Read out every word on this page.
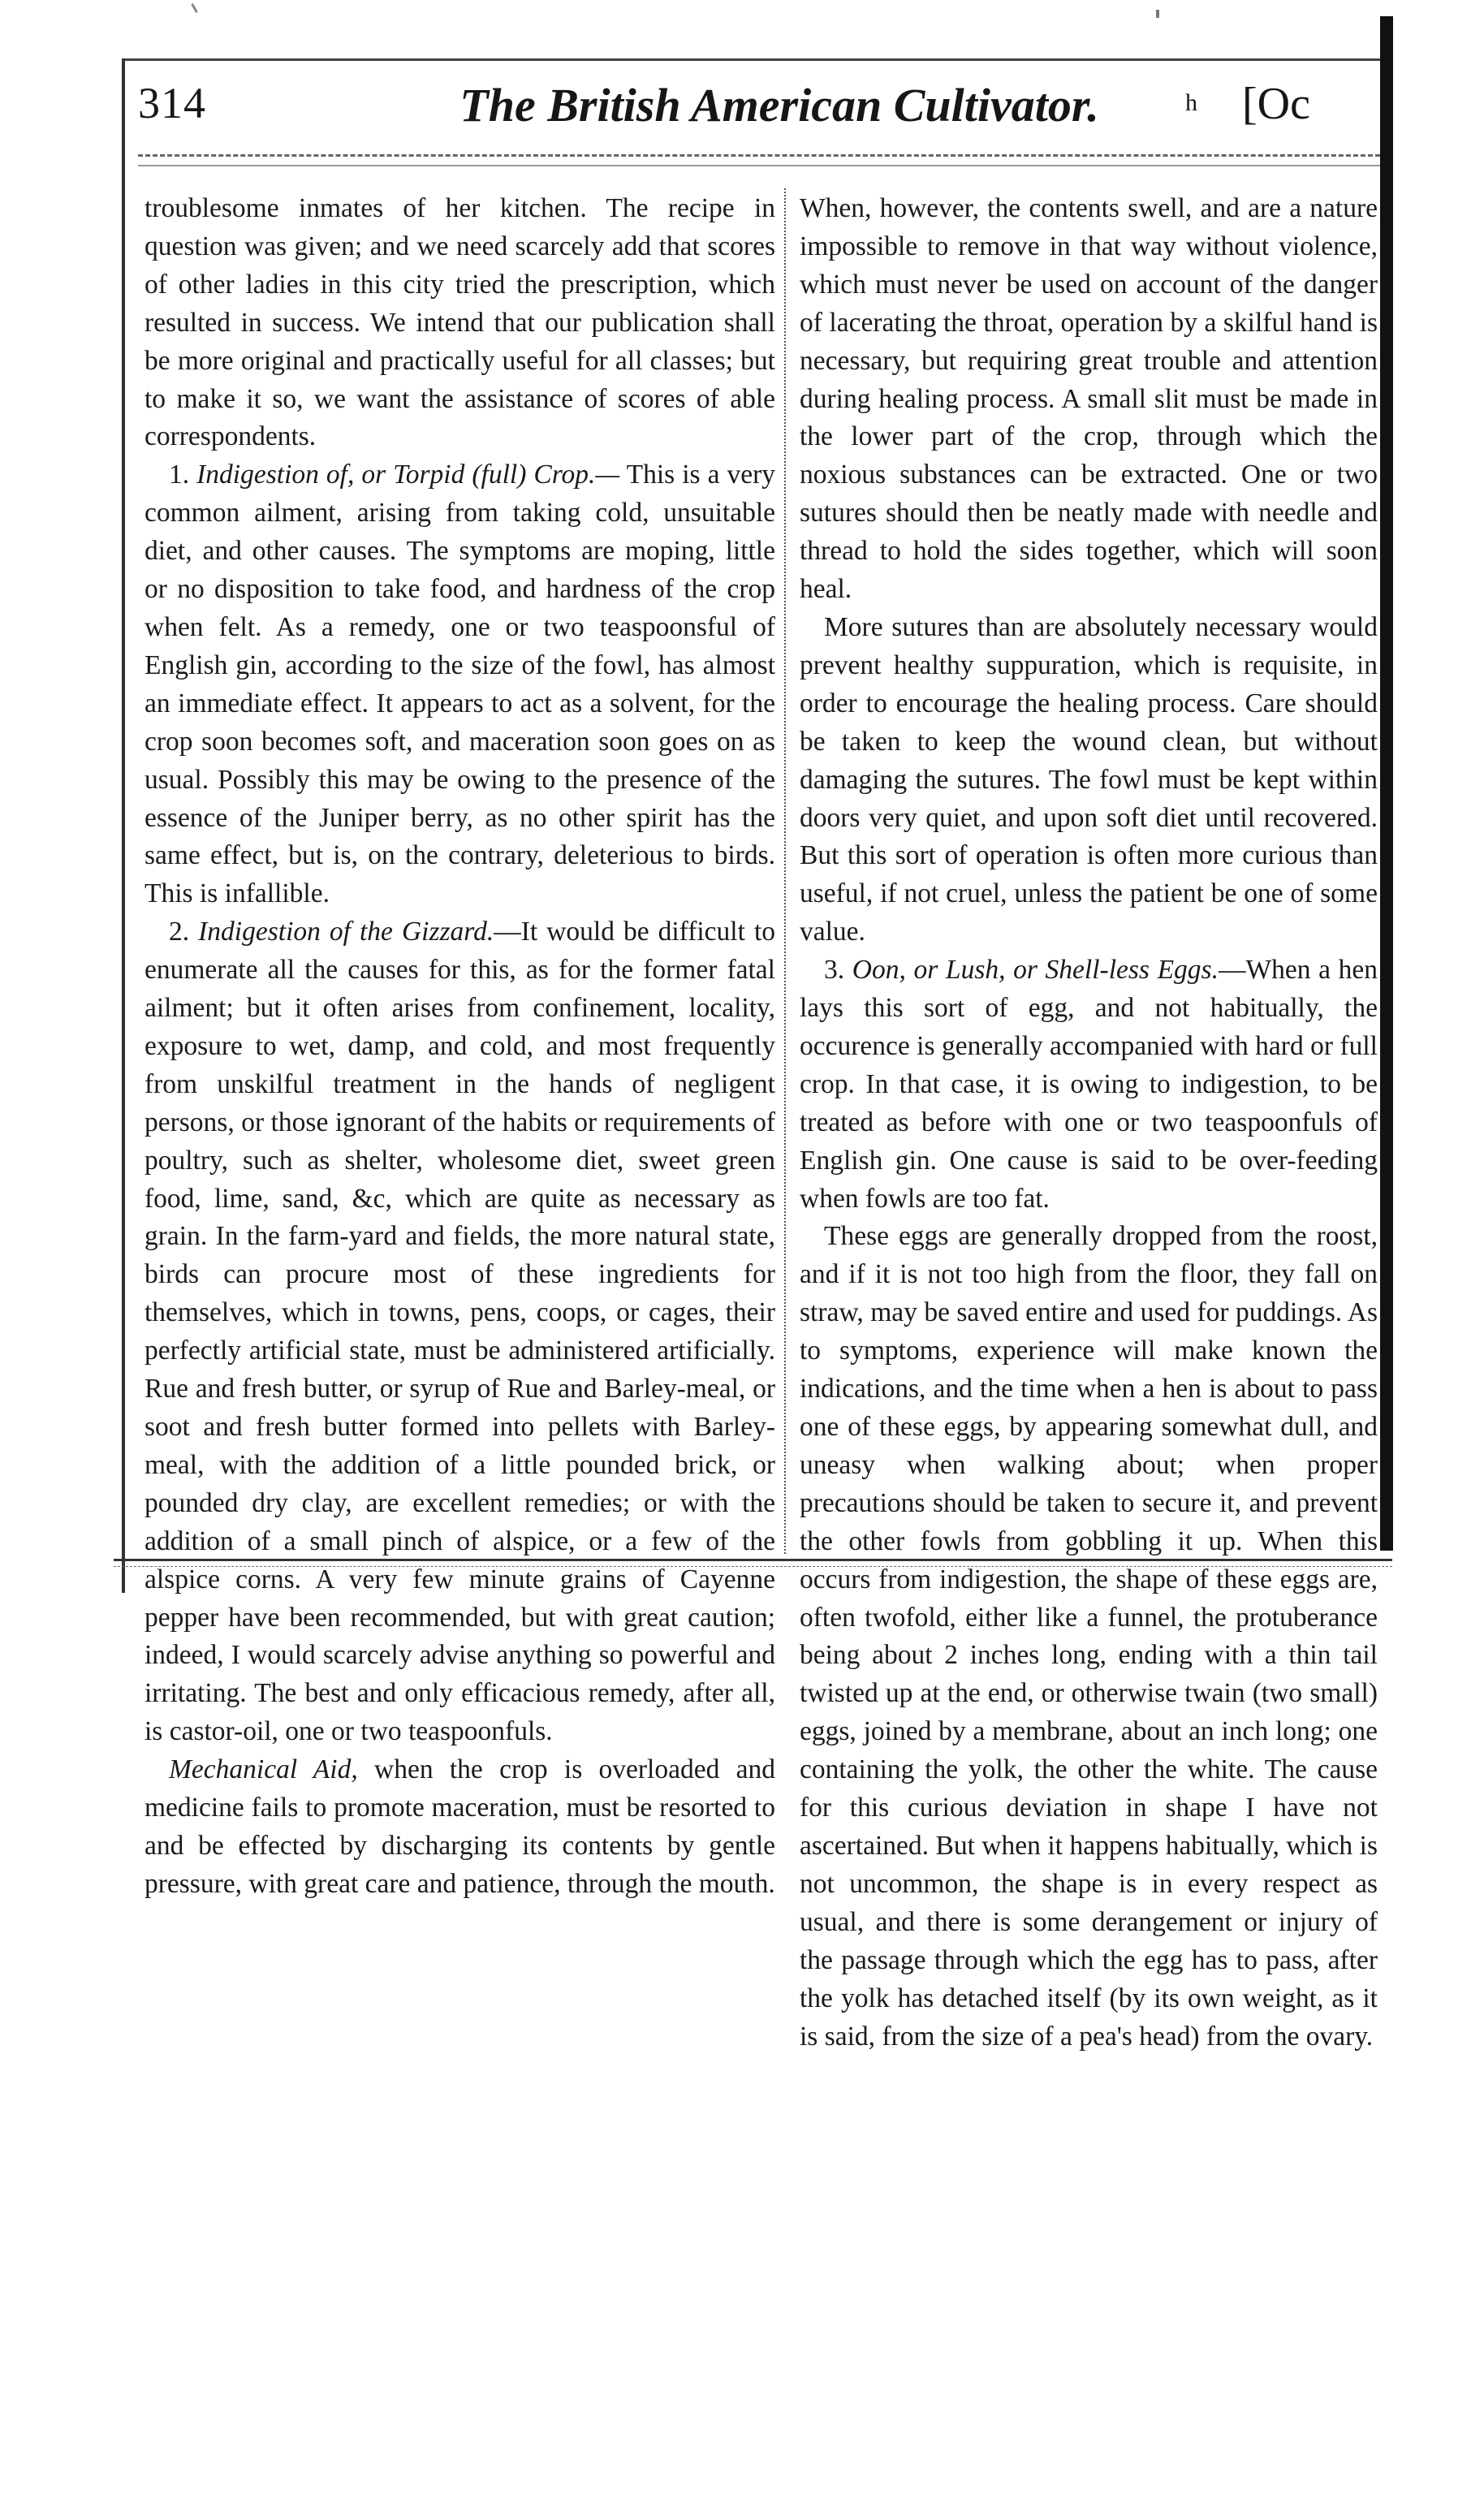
314	The British American Cultivator.	h [Oc

troublesome inmates of her kitchen. The recipe in question was given; and we need scarcely add that scores of other ladies in this city tried the prescription, which resulted in success. We intend that our publication shall be more original and practically useful for all classes; but to make it so, we want the assistance of scores of able correspondents.

1. Indigestion of, or Torpid (full) Crop.— This is a very common ailment, arising from taking cold, unsuitable diet, and other causes. The symptoms are moping, little or no disposition to take food, and hardness of the crop when felt. As a remedy, one or two teaspoonsful of English gin, according to the size of the fowl, has almost an immediate effect. It appears to act as a solvent, for the crop soon becomes soft, and maceration soon goes on as usual. Possibly this may be owing to the presence of the essence of the Juniper berry, as no other spirit has the same effect, but is, on the contrary, deleterious to birds. This is infallible.

2. Indigestion of the Gizzard.—It would be difficult to enumerate all the causes for this, as for the former fatal ailment; but it often arises from confinement, locality, exposure to wet, damp, and cold, and most frequently from unskilful treatment in the hands of negligent persons, or those ignorant of the habits or requirements of poultry, such as shelter, wholesome diet, sweet green food, lime, sand, &c, which are quite as necessary as grain. In the farm-yard and fields, the more natural state, birds can procure most of these ingredients for themselves, which in towns, pens, coops, or cages, their perfectly artificial state, must be administered artificially. Rue and fresh butter, or syrup of Rue and Barley-meal, or soot and fresh butter formed into pellets with Barley-meal, with the addition of a little pounded brick, or pounded dry clay, are excellent remedies; or with the addition of a small pinch of alspice, or a few of the alspice corns. A very few minute grains of Cayenne pepper have been recommended, but with great caution; indeed, I would scarcely advise anything so powerful and irritating. The best and only efficacious remedy, after all, is castor-oil, one or two teaspoonfuls.

Mechanical Aid, when the crop is overloaded and medicine fails to promote maceration, must be resorted to and be effected by discharging its contents by gentle pressure, with great care and patience, through the mouth.

When, however, the contents swell, and are a nature impossible to remove in that way without violence, which must never be used on account of the danger of lacerating the throat, operation by a skilful hand is necessary, but requiring great trouble and attention during healing process. A small slit must be made in the lower part of the crop, through which the noxious substances can be extracted. One or two sutures should then be neatly made with needle and thread to hold the sides together, which will soon heal.

More sutures than are absolutely necessary would prevent healthy suppuration, which is requisite, in order to encourage the healing process. Care should be taken to keep the wound clean, but without damaging the sutures. The fowl must be kept within doors very quiet, and upon soft diet until recovered. But this sort of operation is often more curious than useful, if not cruel, unless the patient be one of some value.

3. Oon, or Lush, or Shell-less Eggs.—When a hen lays this sort of egg, and not habitually, the occurence is generally accompanied with hard or full crop. In that case, it is owing to indigestion, to be treated as before with one or two teaspoonfuls of English gin. One cause is said to be over-feeding when fowls are too fat.

These eggs are generally dropped from the roost, and if it is not too high from the floor, they fall on straw, may be saved entire and used for puddings. As to symptoms, experience will make known the indications, and the time when a hen is about to pass one of these eggs, by appearing somewhat dull, and uneasy when walking about; when proper precautions should be taken to secure it, and prevent the other fowls from gobbling it up. When this occurs from indigestion, the shape of these eggs are, often twofold, either like a funnel, the protuberance being about 2 inches long, ending with a thin tail twisted up at the end, or otherwise twain (two small) eggs, joined by a membrane, about an inch long; one containing the yolk, the other the white. The cause for this curious deviation in shape I have not ascertained. But when it happens habitually, which is not uncommon, the shape is in every respect as usual, and there is some derangement or injury of the passage through which the egg has to pass, after the yolk has detached itself (by its own weight, as it is said, from the size of a pea's head) from the ovary.
